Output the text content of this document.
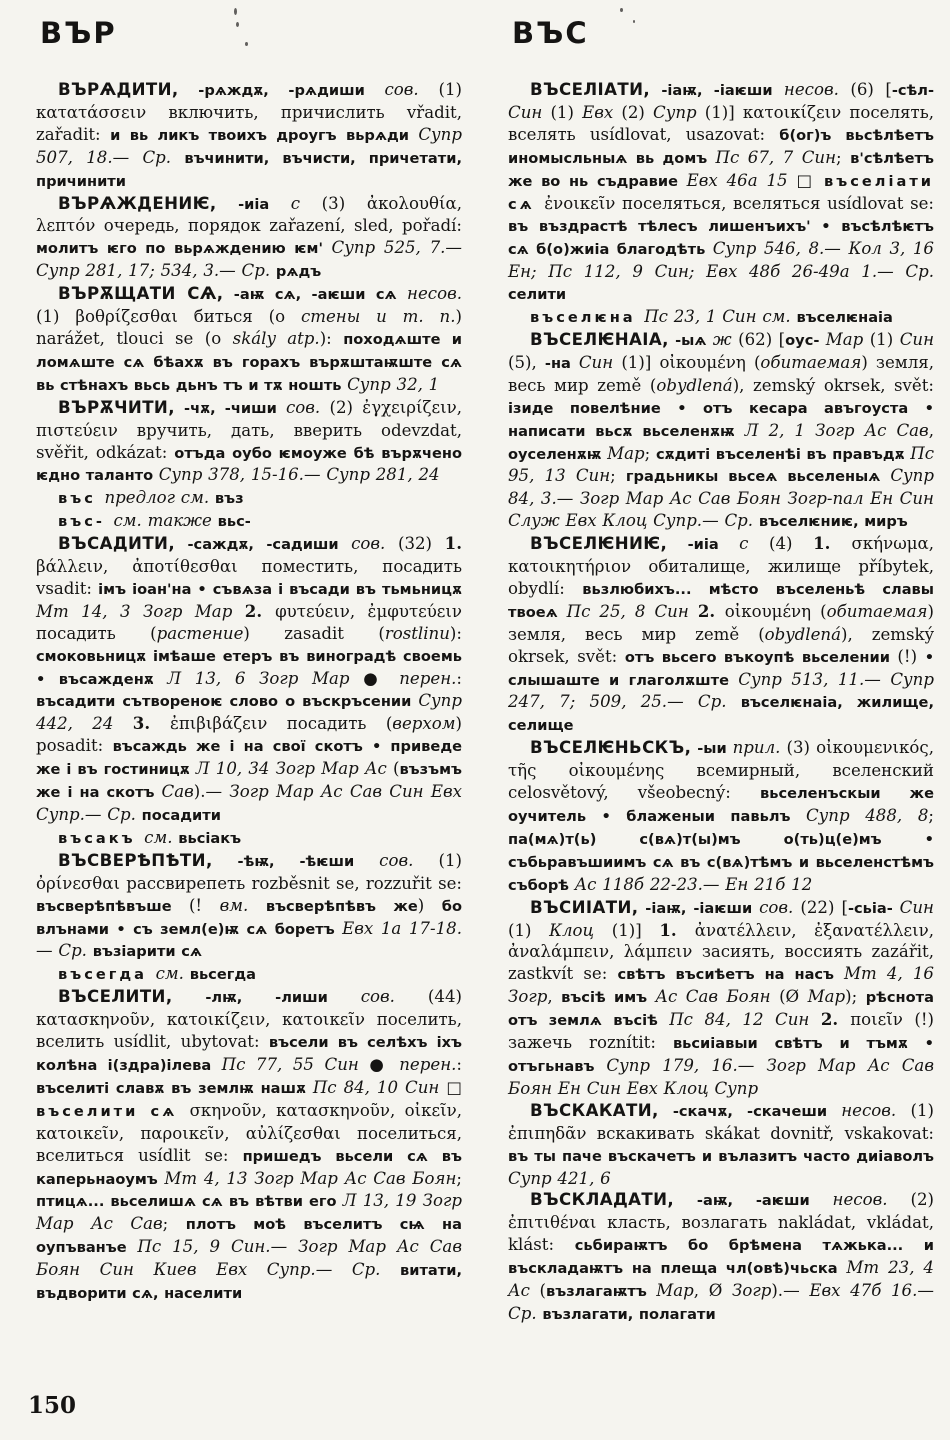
ВЪР

ВЪРѦДИТИ, -рѧждѫ, -рѧдиши сов. (1) κατατάσσειν включить, причислить vřadit, zařadit: и вь ликъ твоихъ дроугъ вьрѧди Супр 507, 18.— Ср. въчинити, въчисти, причетати, причинити

ВЪРѦЖДЕНИѤ, -иіа с (3) ἀκολουθία, λεπτόν очередь, порядок zařazení, sled, pořadí: молитъ ѥго по вьрѧждению ѥм' Супр 525, 7.— Супр 281, 17; 534, 3.— Ср. рѧдъ

ВЪРѪЩАТИ СѦ, -аѭ сѧ, -аѥши сѧ несов. (1) βοθρίζεσθαι биться (о стены и т. п.) narážet, tlouci se (o skály atp.): походѧште и ломѧште сѧ бѣахѫ въ горахъ върѫштаѭште сѧ вь стѣнахъ вьсь дьнъ тъ и тѫ ношть Супр 32, 1

ВЪРѪЧИТИ, -чѫ, -чиши сов. (2) ἐγχειρίζειν, πιστεύειν вручить, дать, вверить odevzdat, svěřit, odkázat: отъда оубо ѥмоуже бѣ върѫчено ѥдно таланто Супр 378, 15-16.— Супр 281, 24

въс предлог см. въз

въс- см. также вьс-

ВЪСАДИТИ, -саждѫ, -садиши сов. (32) 1. βάλλειν, ἀποτίθεσθαι поместить, посадить vsadit: імъ іоан'на • съвѧза і въсади въ тьмьницѫ Мт 14, 3 Зогр Мар 2. φυτεύειν, ἐμφυτεύειν посадить (растение) zasadit (rostlinu): смоковьницѫ імѣаше етеръ въ виноградѣ своемь • въсажденѫ Л 13, 6 Зогр Мар ● перен.: въсадити сътвореноѥ слово о въскръсении Супр 442, 24 3. ἐπιβιβάζειν посадить (верхом) posadit: въсаждь же і на свої скотъ • приведе же і въ гостиницѫ Л 10, 34 Зогр Мар Ас (възъмъ же і на скотъ Сав).— Зогр Мар Ас Сав Син Евх Супр.— Ср. посадити

въсакъ см. вьсіакъ

ВЪСВЕРѢПѢТИ, -ѣѭ, -ѣѥши сов. (1) ὀρίνεσθαι рассвирепеть rozběsnit se, rozzuřit se: въсверѣпѣвъше (! вм. въсверѣпѣвъ же) бо влънами • съ земл(е)ѭ сѧ боретъ Евх 1а 17-18.— Ср. възіарити сѧ

въсегда см. вьсегда

ВЪСЕЛИТИ, -лѭ, -лиши сов. (44) κατασκηνοῦν, κατοικίζειν, κατοικεῖν поселить, вселить usídlit, ubytovat: въсели въ селѣхъ іхъ колѣна і(здра)ілева Пс 77, 55 Син ● перен.: въселиті славѫ въ землѭ нашѫ Пс 84, 10 Син □ въселити сѧ σκηνοῦν, κατασκηνοῦν, οἰκεῖν, κατοικεῖν, παροικεῖν, αὐλίζεσθαι поселиться, вселиться usídlit se: пришедъ вьсели сѧ въ каперьнаоумъ Мт 4, 13 Зогр Мар Ас Сав Боян; птицѧ... вьселишѧ сѧ въ вѣтви его Л 13, 19 Зогр Мар Ас Сав; плотъ моѣ въселитъ сѩ на оупъванъе Пс 15, 9 Син.— Зогр Мар Ас Сав Боян Син Киев Евх Супр.— Ср. витати, въдворити сѧ, населити

ВЪС

ВЪСЕЛІАТИ, -іаѭ, -іаѥши несов. (6) [-сѣл- Син (1) Евх (2) Супр (1)] κατοικίζειν поселять, вселять usídlovat, usazovat: б(ог)ъ вьсѣлѣетъ иномысльныѧ вь домъ Пс 67, 7 Син; в'сѣлѣетъ же во нь съдравие Евх 46а 15 □ въселіати сѧ ἐνοικεῖν поселяться, вселяться usídlovat se: въ въздрастѣ тѣлесъ лишенъихъ' • въсѣлѣѥтъ сѧ б(о)жиіа благодѣть Супр 546, 8.— Кол 3, 16 Ен; Пс 112, 9 Син; Евх 48б 26-49а 1.— Ср. селити

въселѥна Пс 23, 1 Син см. въселѥнаіа

ВЪСЕЛѤНАІА, -ыѧ ж (62) [оус- Мар (1) Син (5), -на Син (1)] οἰκουμένη (обитаемая) земля, весь мир země (obydlená), zemský okrsek, svět: ізиде повелѣние • отъ кесара авъгоуста • написати вьсѫ вьселенѫѭ Л 2, 1 Зогр Ас Сав, оуселенѫѭ Мар; сѫдиті въселенѣі въ правъдѫ Пс 95, 13 Син; градьникы вьсеѧ вьселеныѧ Супр 84, 3.— Зогр Мар Ас Сав Боян Зогр-пал Ен Син Служ Евх Клоц Супр.— Ср. въселѥниѥ, миръ

ВЪСЕЛѤНИѤ, -иіа с (4) 1. σκήνωμα, κατοικητήριον обиталище, жилище příbytek, obydlí: вьзлюбихъ... мѣсто въселеньѣ славы твоеѧ Пс 25, 8 Син 2. οἰκουμένη (обитаемая) земля, весь мир země (obydlená), zemský okrsek, svět: отъ вьсего въкоупѣ вьселении (!) • слышаште и глаголѫште Супр 513, 11.— Супр 247, 7; 509, 25.— Ср. въселѥнаіа, жилище, селище

ВЪСЕЛѤНЬСКЪ, -ыи прил. (3) οἰκουμενικός, τῆς οἰκουμένης всемирный, вселенский celosvětový, všeobecný: вьселенъскыи же оучитель • блаженыи павьлъ Супр 488, 8; па(мѧ)т(ь) с(вѧ)т(ы)мъ о(ть)ц(е)мъ • събьравъшиимъ сѧ въ с(вѧ)тѣмъ и вьселенстѣмъ съборѣ Ас 118б 22-23.— Ен 21б 12

ВЪСИІАТИ, -іаѭ, -іаѥши сов. (22) [-сьіа- Син (1) Клоц (1)] 1. ἀνατέλλειν, ἐξανατέλλειν, ἀναλάμπειν, λάμπειν засиять, воссиять zazářit, zastkvít se: свѣтъ въсиѣетъ на насъ Мт 4, 16 Зогр, въсіѣ имъ Ас Сав Боян (Ø Мар); рѣснота отъ землѧ въсіѣ Пс 84, 12 Син 2. ποιεῖν (!) зажечь roznítit: вьсиіавыи свѣтъ и тъмѫ • отъгьнавъ Супр 179, 16.— Зогр Мар Ас Сав Боян Ен Син Евх Клоц Супр

ВЪСКАКАТИ, -скачѫ, -скачеши несов. (1) ἐπιπηδᾶν вскакивать skákat dovnitř, vskakovat: въ ты паче въскачетъ и вълазитъ часто диіаволъ Супр 421, 6

ВЪСКЛАДАТИ, -аѭ, -аѥши несов. (2) ἐπιτιθέναι класть, возлагать nakládat, vkládat, klást: сьбираѭтъ бо брѣмена тѧжька... и въскладаѭтъ на плеща чл(овѣ)чьска Мт 23, 4 Ас (възлагаѭтъ Мар, Ø Зогр).— Евх 47б 16.— Ср. възлагати, полагати

150
